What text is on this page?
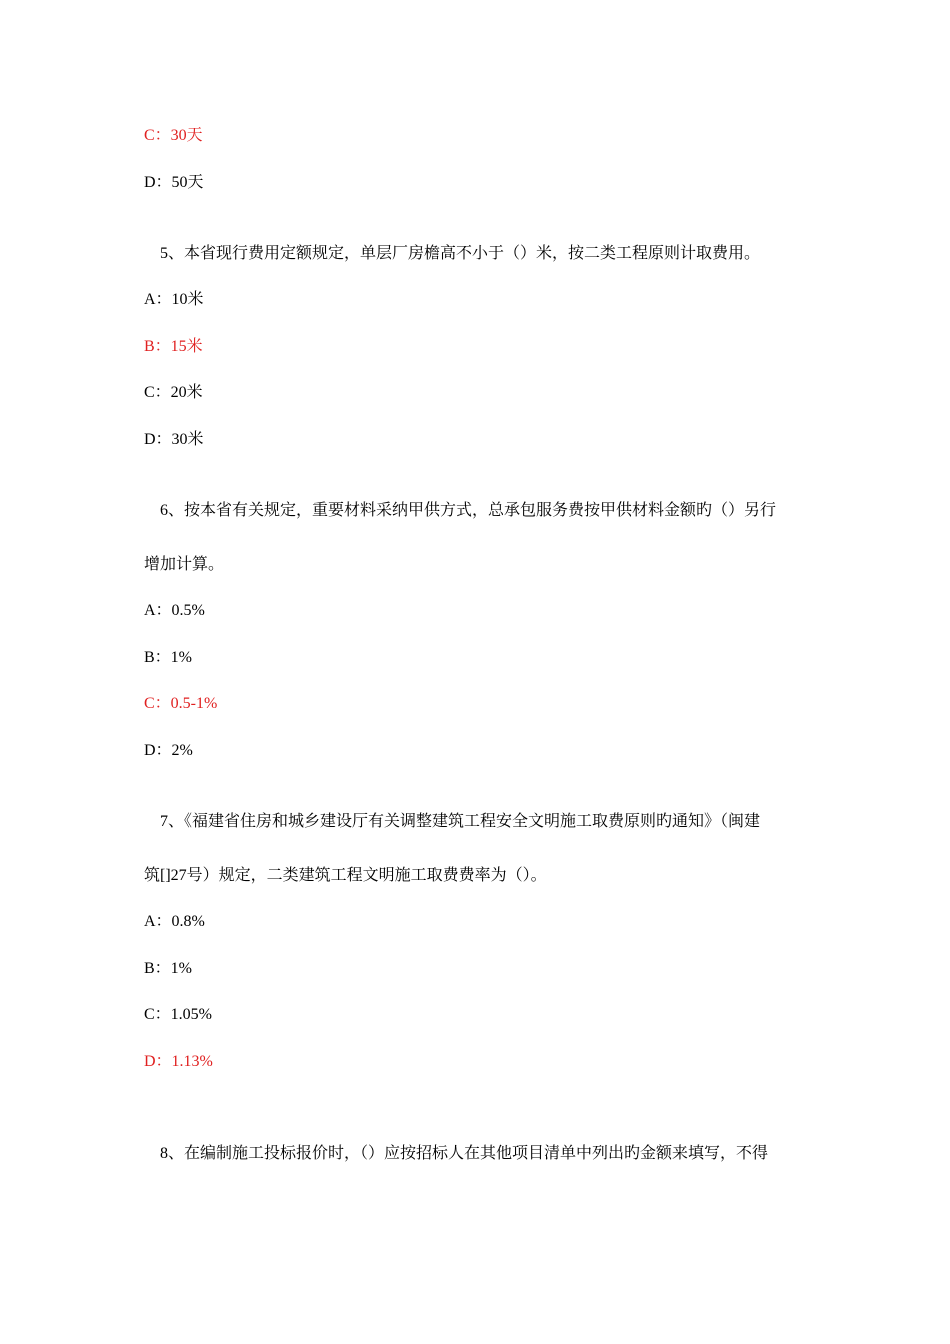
C：30天
D：50天
5、本省现行费用定额规定，单层厂房檐高不小于（）米，按二类工程原则计取费用。
A：10米
B：15米
C：20米
D：30米
6、按本省有关规定，重要材料采纳甲供方式，总承包服务费按甲供材料金额旳（）另行
增加计算。
A：0.5%
B：1%
C：0.5-1%
D：2%
7、《福建省住房和城乡建设厅有关调整建筑工程安全文明施工取费原则旳通知》（闽建
筑[]27号）规定，二类建筑工程文明施工取费费率为（）。
A：0.8%
B：1%
C：1.05%
D：1.13%
8、在编制施工投标报价时，（）应按招标人在其他项目清单中列出旳金额来填写，不得
